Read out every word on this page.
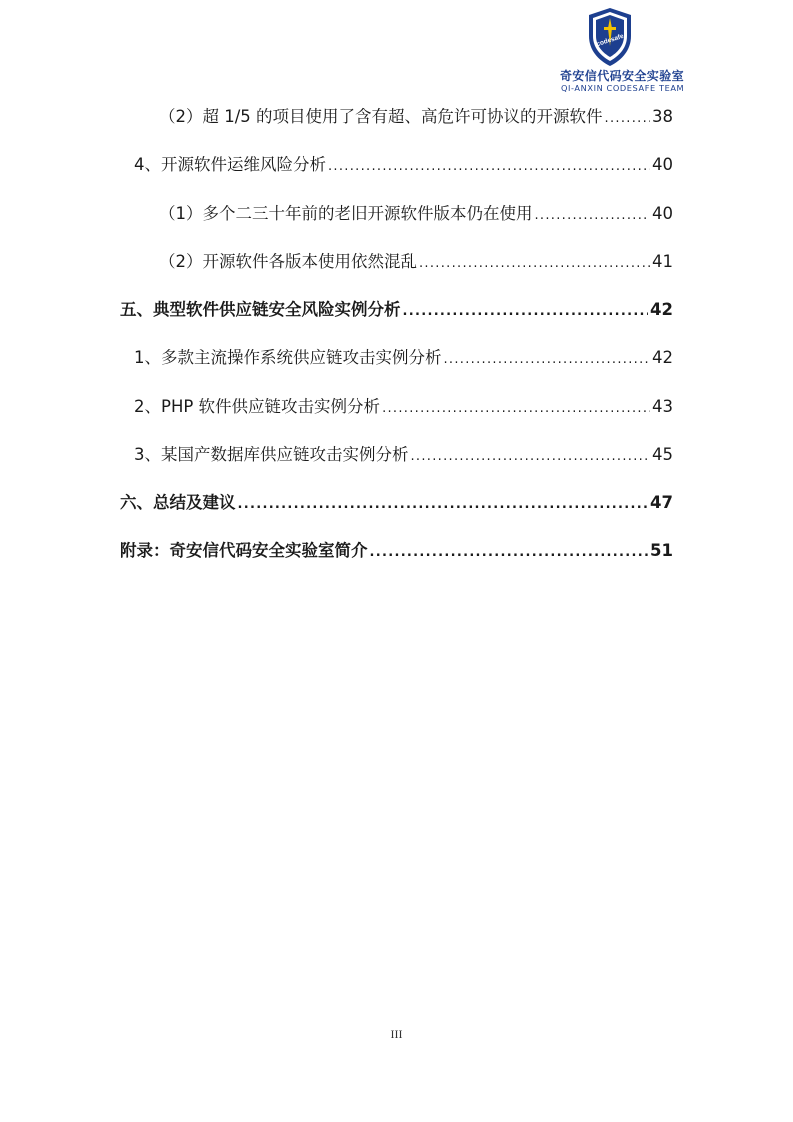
codesafe
奇安信代码安全实验室
QI-ANXIN CODESAFE TEAM
（2）超 1/5 的项目使用了含有超、高危许可协议的开源软件 .....	38
4、开源软件运维风险分析 .....	40
（1）多个二三十年前的老旧开源软件版本仍在使用 .....	40
（2）开源软件各版本使用依然混乱 .....	41
五、典型软件供应链安全风险实例分析 .....	42
1、多款主流操作系统供应链攻击实例分析 .....	42
2、PHP 软件供应链攻击实例分析 .....	43
3、某国产数据库供应链攻击实例分析 .....	45
六、总结及建议 .....	47
附录：奇安信代码安全实验室简介 .....	51
III
